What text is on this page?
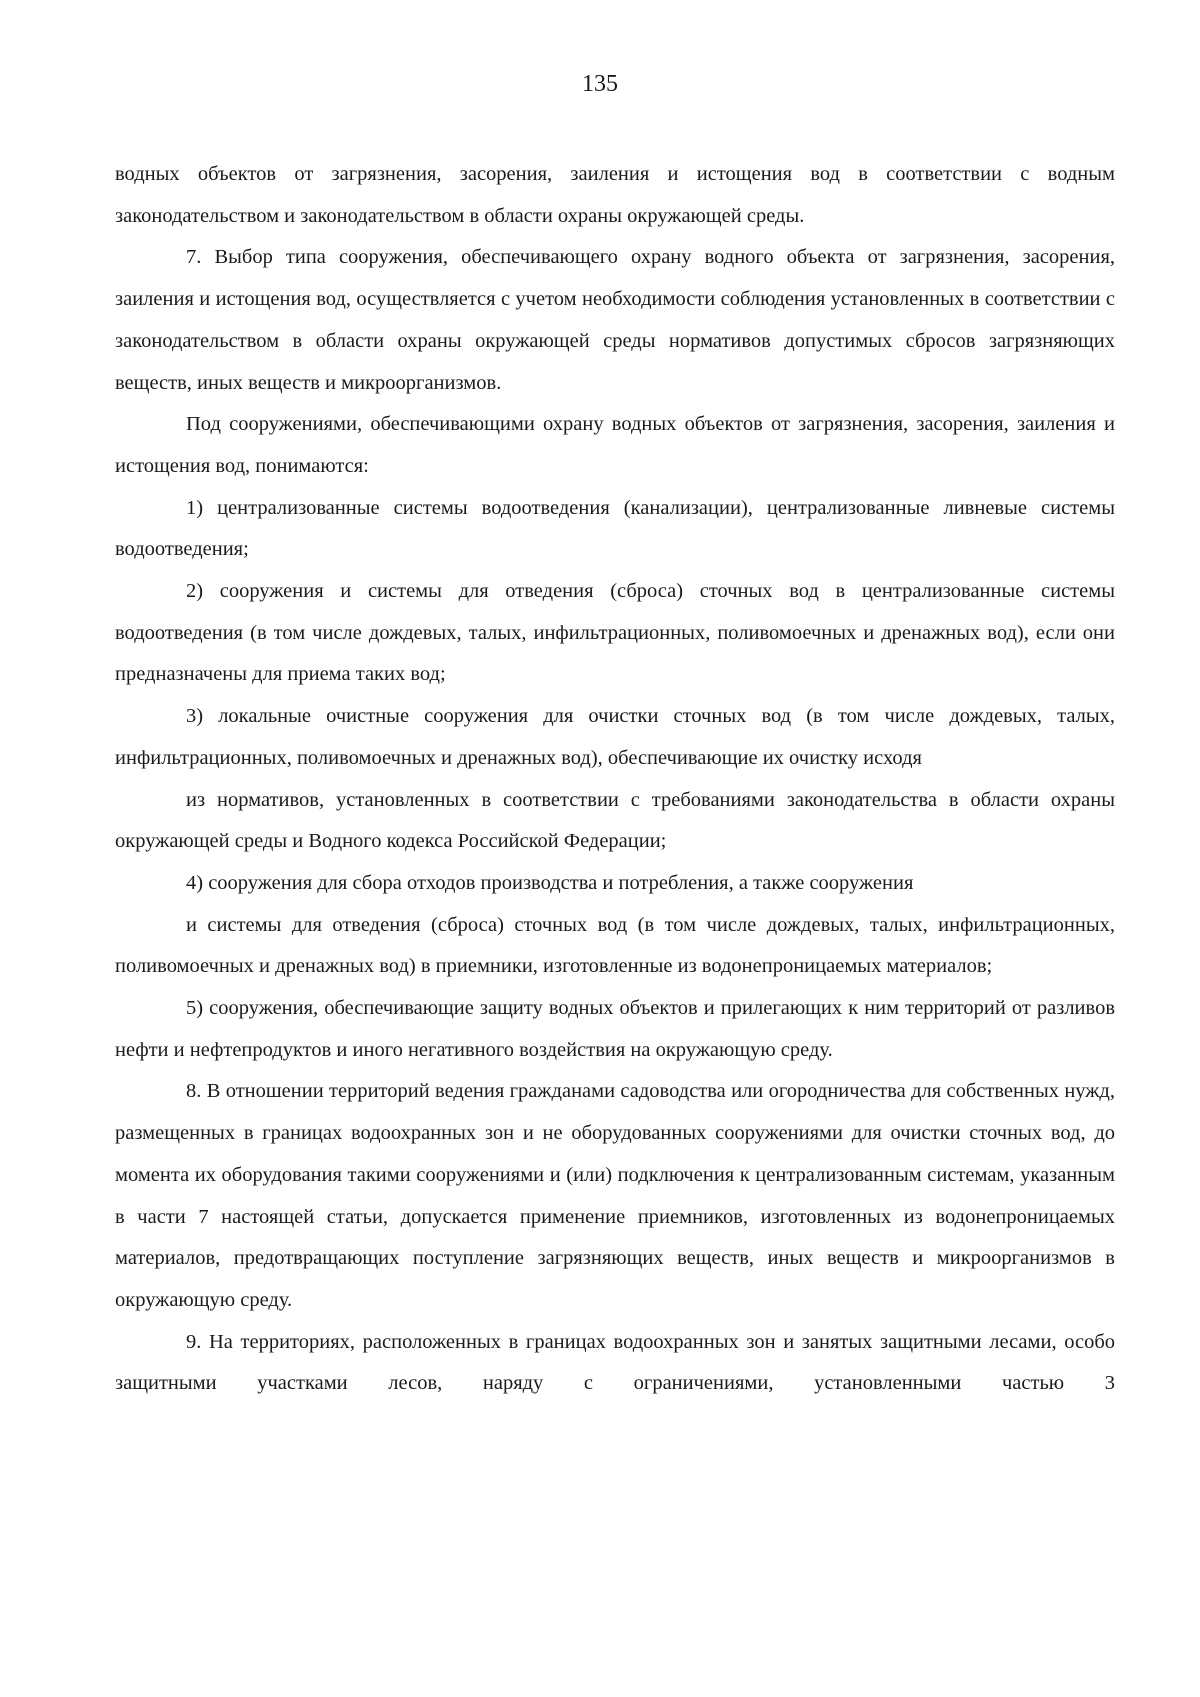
135

водных объектов от загрязнения, засорения, заиления и истощения вод в соответствии с водным законодательством и законодательством в области охраны окружающей среды.

7. Выбор типа сооружения, обеспечивающего охрану водного объекта от загрязнения, засорения, заиления и истощения вод, осуществляется с учетом необходимости соблюдения установленных в соответствии с законодательством в области охраны окружающей среды нормативов допустимых сбросов загрязняющих веществ, иных веществ и микроорганизмов.

Под сооружениями, обеспечивающими охрану водных объектов от загрязнения, засорения, заиления и истощения вод, понимаются:

1) централизованные системы водоотведения (канализации), централизованные ливневые системы водоотведения;

2) сооружения и системы для отведения (сброса) сточных вод в централизованные системы водоотведения (в том числе дождевых, талых, инфильтрационных, поливомоечных и дренажных вод), если они предназначены для приема таких вод;

3) локальные очистные сооружения для очистки сточных вод (в том числе дождевых, талых, инфильтрационных, поливомоечных и дренажных вод), обеспечивающие их очистку исходя

из нормативов, установленных в соответствии с требованиями законодательства в области охраны окружающей среды и Водного кодекса Российской Федерации;

4) сооружения для сбора отходов производства и потребления, а также сооружения

и системы для отведения (сброса) сточных вод (в том числе дождевых, талых, инфильтрационных, поливомоечных и дренажных вод) в приемники, изготовленные из водонепроницаемых материалов;

5) сооружения, обеспечивающие защиту водных объектов и прилегающих к ним территорий от разливов нефти и нефтепродуктов и иного негативного воздействия на окружающую среду.

8. В отношении территорий ведения гражданами садоводства или огородничества для собственных нужд, размещенных в границах водоохранных зон и не оборудованных сооружениями для очистки сточных вод, до момента их оборудования такими сооружениями и (или) подключения к централизованным системам, указанным в части 7 настоящей статьи, допускается применение приемников, изготовленных из водонепроницаемых материалов, предотвращающих поступление загрязняющих веществ, иных веществ и микроорганизмов в окружающую среду.

9. На территориях, расположенных в границах водоохранных зон и занятых защитными лесами, особо защитными участками лесов, наряду с ограничениями, установленными частью 3
